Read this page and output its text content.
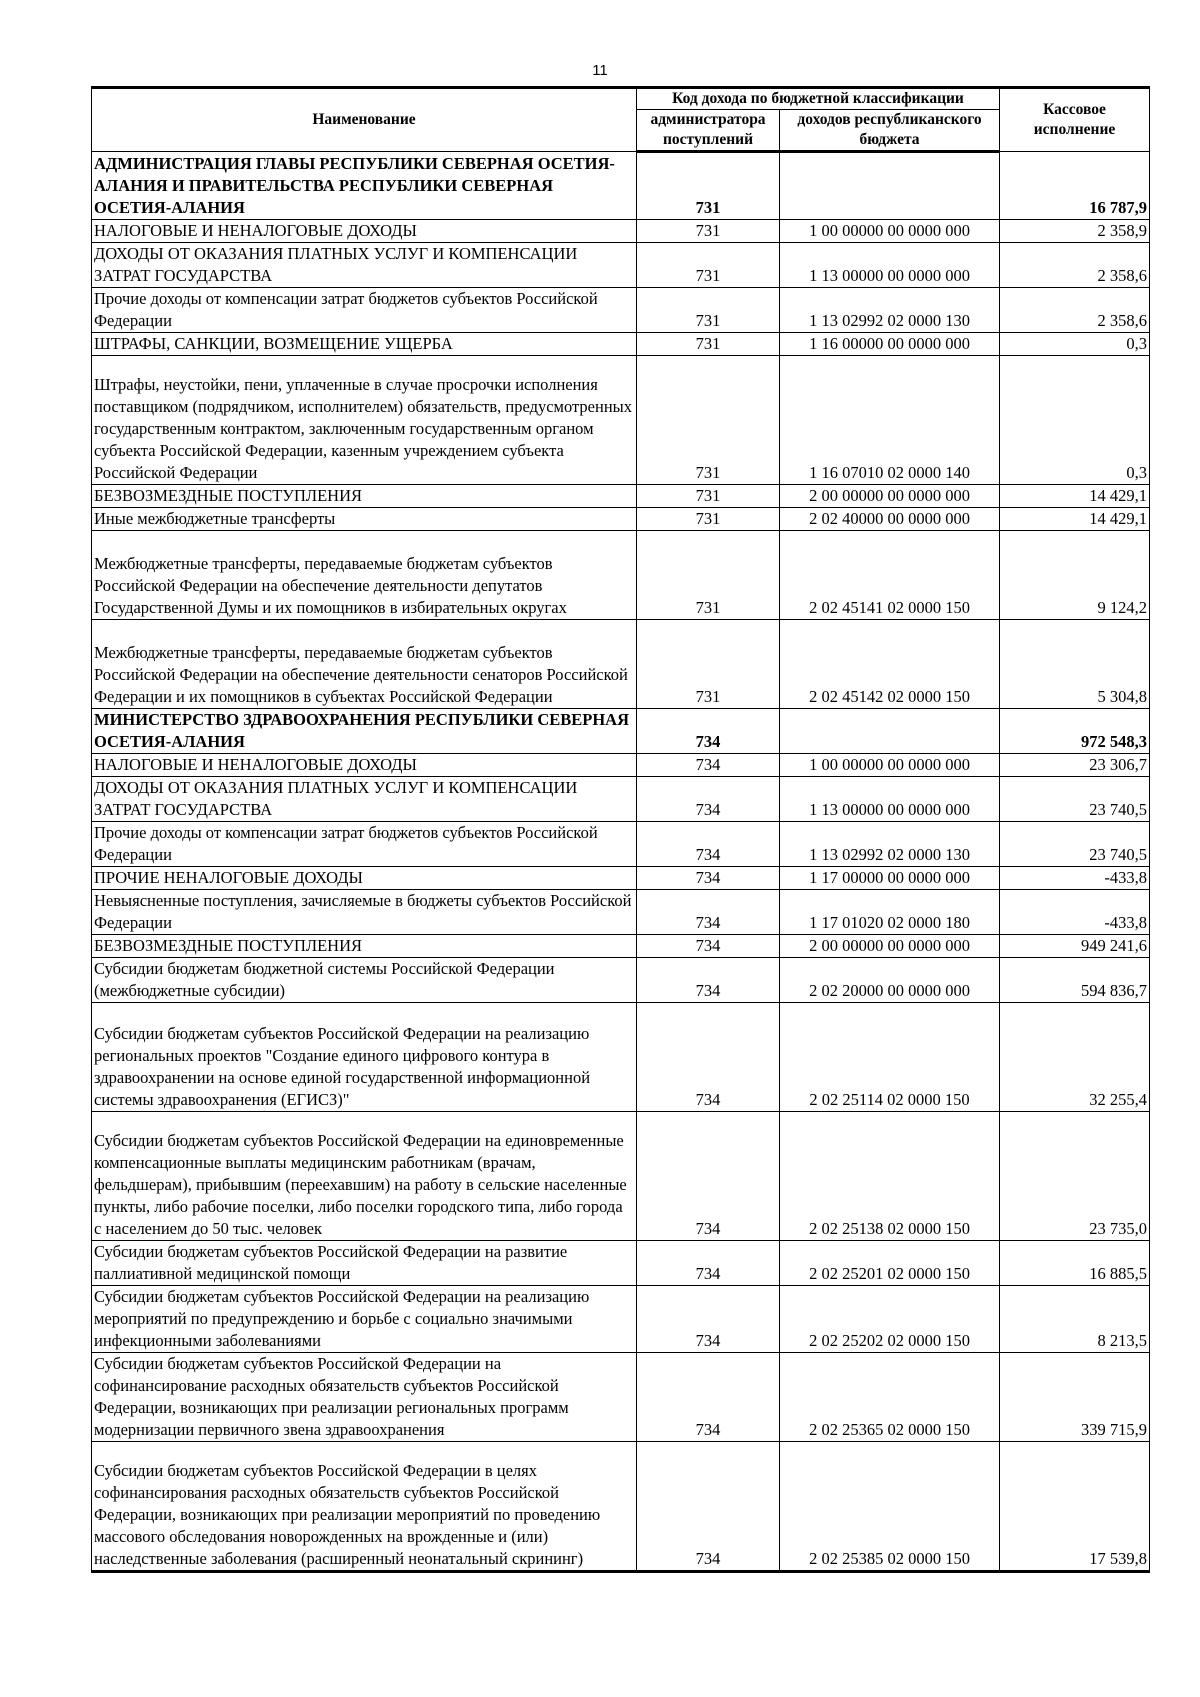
11
Наименование	Код дохода по бюджетной классификации		Кассовое исполнение
	администратора поступлений	доходов республиканского бюджета	
АДМИНИСТРАЦИЯ ГЛАВЫ РЕСПУБЛИКИ СЕВЕРНАЯ ОСЕТИЯ-АЛАНИЯ И ПРАВИТЕЛЬСТВА РЕСПУБЛИКИ СЕВЕРНАЯ ОСЕТИЯ-АЛАНИЯ	731		16 787,9
НАЛОГОВЫЕ И НЕНАЛОГОВЫЕ ДОХОДЫ	731	1 00 00000 00 0000 000	2 358,9
ДОХОДЫ ОТ ОКАЗАНИЯ ПЛАТНЫХ УСЛУГ И КОМПЕНСАЦИИ ЗАТРАТ ГОСУДАРСТВА	731	1 13 00000 00 0000 000	2 358,6
Прочие доходы от компенсации затрат бюджетов субъектов Российской Федерации	731	1 13 02992 02 0000 130	2 358,6
ШТРАФЫ, САНКЦИИ, ВОЗМЕЩЕНИЕ УЩЕРБА	731	1 16 00000 00 0000 000	0,3
Штрафы, неустойки, пени, уплаченные в случае просрочки исполнения поставщиком (подрядчиком, исполнителем) обязательств, предусмотренных государственным контрактом, заключенным государственным органом субъекта Российской Федерации, казенным учреждением субъекта Российской Федерации	731	1 16 07010 02 0000 140	0,3
БЕЗВОЗМЕЗДНЫЕ ПОСТУПЛЕНИЯ	731	2 00 00000 00 0000 000	14 429,1
Иные межбюджетные трансферты	731	2 02 40000 00 0000 000	14 429,1
Межбюджетные трансферты, передаваемые бюджетам субъектов Российской Федерации на обеспечение деятельности депутатов Государственной Думы и их помощников в избирательных округах	731	2 02 45141 02 0000 150	9 124,2
Межбюджетные трансферты, передаваемые бюджетам субъектов Российской Федерации на обеспечение деятельности сенаторов Российской Федерации и их помощников в субъектах Российской Федерации	731	2 02 45142 02 0000 150	5 304,8
МИНИСТЕРСТВО ЗДРАВООХРАНЕНИЯ РЕСПУБЛИКИ СЕВЕРНАЯ ОСЕТИЯ-АЛАНИЯ	734		972 548,3
НАЛОГОВЫЕ И НЕНАЛОГОВЫЕ ДОХОДЫ	734	1 00 00000 00 0000 000	23 306,7
ДОХОДЫ ОТ ОКАЗАНИЯ ПЛАТНЫХ УСЛУГ И КОМПЕНСАЦИИ ЗАТРАТ ГОСУДАРСТВА	734	1 13 00000 00 0000 000	23 740,5
Прочие доходы от компенсации затрат бюджетов субъектов Российской Федерации	734	1 13 02992 02 0000 130	23 740,5
ПРОЧИЕ НЕНАЛОГОВЫЕ ДОХОДЫ	734	1 17 00000 00 0000 000	-433,8
Невыясненные поступления, зачисляемые в бюджеты субъектов Российской Федерации	734	1 17 01020 02 0000 180	-433,8
БЕЗВОЗМЕЗДНЫЕ ПОСТУПЛЕНИЯ	734	2 00 00000 00 0000 000	949 241,6
Субсидии бюджетам бюджетной системы Российской Федерации (межбюджетные субсидии)	734	2 02 20000 00 0000 000	594 836,7
Субсидии бюджетам субъектов Российской Федерации на реализацию региональных проектов "Создание единого цифрового контура в здравоохранении на основе единой государственной информационной системы здравоохранения (ЕГИСЗ)"	734	2 02 25114 02 0000 150	32 255,4
Субсидии бюджетам субъектов Российской Федерации на единовременные компенсационные выплаты медицинским работникам (врачам, фельдшерам), прибывшим (переехавшим) на работу в сельские населенные пункты, либо рабочие поселки, либо поселки городского типа, либо города с населением до 50 тыс. человек	734	2 02 25138 02 0000 150	23 735,0
Субсидии бюджетам субъектов Российской Федерации на развитие паллиативной медицинской помощи	734	2 02 25201 02 0000 150	16 885,5
Субсидии бюджетам субъектов Российской Федерации на реализацию мероприятий по предупреждению и борьбе с социально значимыми инфекционными заболеваниями	734	2 02 25202 02 0000 150	8 213,5
Субсидии бюджетам субъектов Российской Федерации на софинансирование расходных обязательств субъектов Российской Федерации, возникающих при реализации региональных программ модернизации первичного звена здравоохранения	734	2 02 25365 02 0000 150	339 715,9
Субсидии бюджетам субъектов Российской Федерации в целях софинансирования расходных обязательств субъектов Российской Федерации, возникающих при реализации мероприятий по проведению массового обследования новорожденных на врожденные и (или) наследственные заболевания (расширенный неонатальный скрининг)	734	2 02 25385 02 0000 150	17 539,8
